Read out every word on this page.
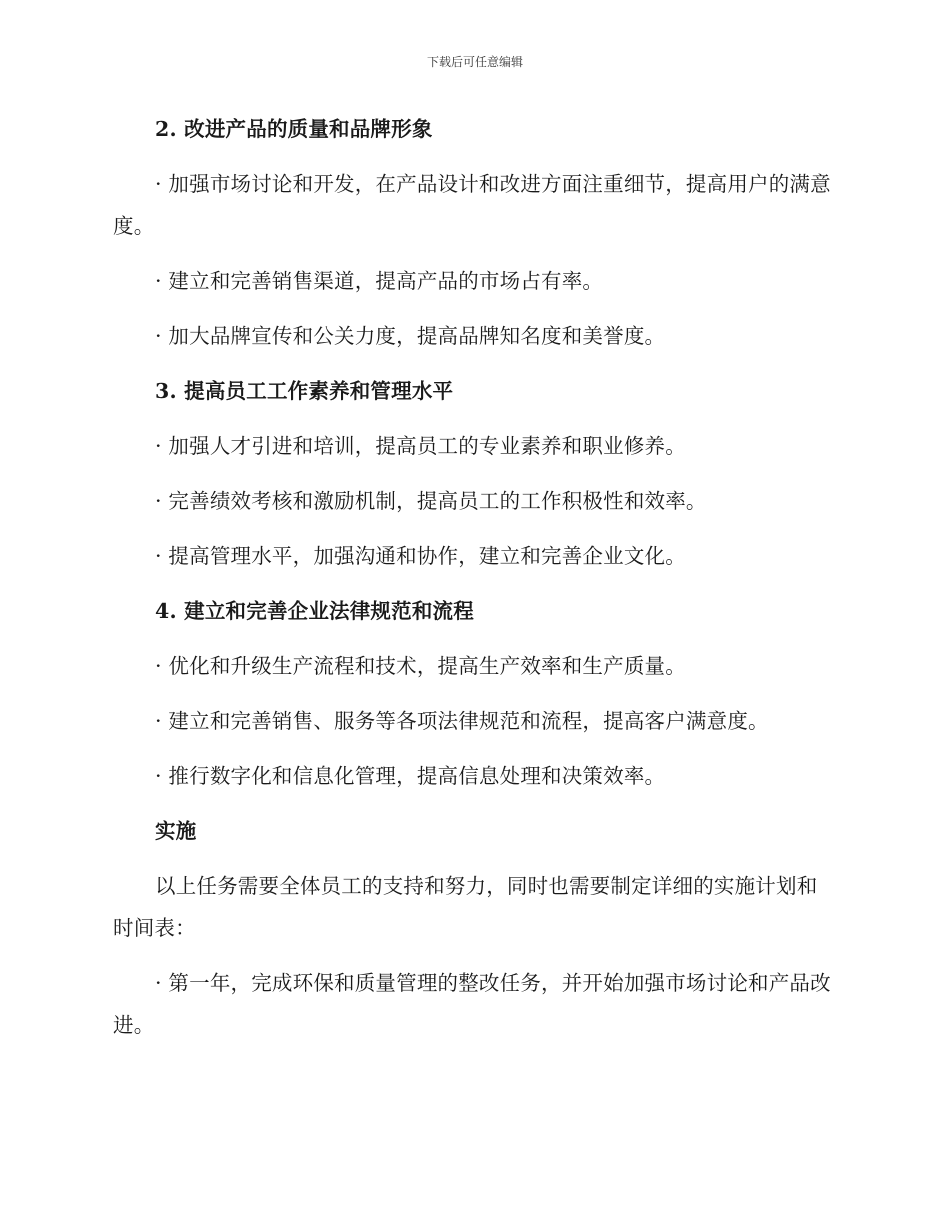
下载后可任意编辑
2. 改进产品的质量和品牌形象
· 加强市场讨论和开发，在产品设计和改进方面注重细节，提高用户的满意度。
· 建立和完善销售渠道，提高产品的市场占有率。
· 加大品牌宣传和公关力度，提高品牌知名度和美誉度。
3. 提高员工工作素养和管理水平
· 加强人才引进和培训，提高员工的专业素养和职业修养。
· 完善绩效考核和激励机制，提高员工的工作积极性和效率。
· 提高管理水平，加强沟通和协作，建立和完善企业文化。
4. 建立和完善企业法律规范和流程
· 优化和升级生产流程和技术，提高生产效率和生产质量。
· 建立和完善销售、服务等各项法律规范和流程，提高客户满意度。
· 推行数字化和信息化管理，提高信息处理和决策效率。
实施
以上任务需要全体员工的支持和努力，同时也需要制定详细的实施计划和时间表：
· 第一年，完成环保和质量管理的整改任务，并开始加强市场讨论和产品改进。
